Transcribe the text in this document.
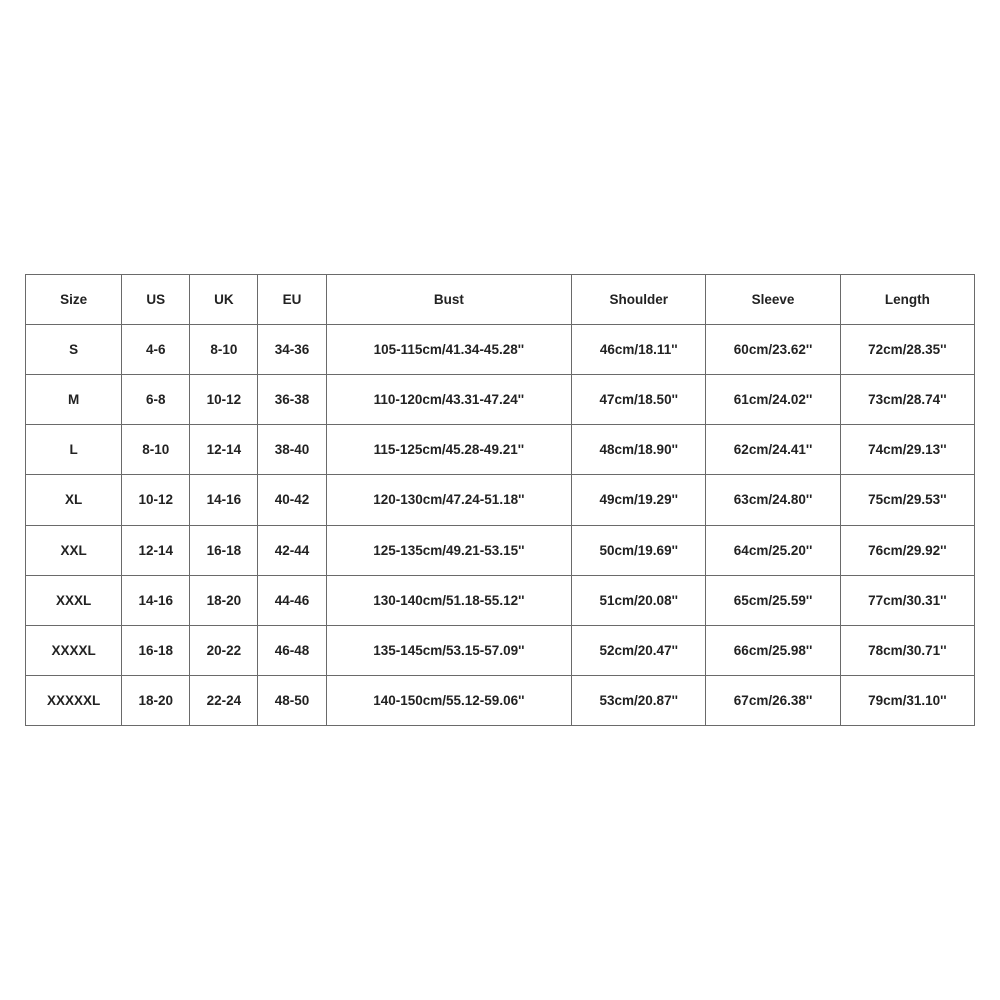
Size	US	UK	EU	Bust	Shoulder	Sleeve	Length
S	4-6	8-10	34-36	105-115cm/41.34-45.28''	46cm/18.11''	60cm/23.62''	72cm/28.35''
M	6-8	10-12	36-38	110-120cm/43.31-47.24''	47cm/18.50''	61cm/24.02''	73cm/28.74''
L	8-10	12-14	38-40	115-125cm/45.28-49.21''	48cm/18.90''	62cm/24.41''	74cm/29.13''
XL	10-12	14-16	40-42	120-130cm/47.24-51.18''	49cm/19.29''	63cm/24.80''	75cm/29.53''
XXL	12-14	16-18	42-44	125-135cm/49.21-53.15''	50cm/19.69''	64cm/25.20''	76cm/29.92''
XXXL	14-16	18-20	44-46	130-140cm/51.18-55.12''	51cm/20.08''	65cm/25.59''	77cm/30.31''
XXXXL	16-18	20-22	46-48	135-145cm/53.15-57.09''	52cm/20.47''	66cm/25.98''	78cm/30.71''
XXXXXL	18-20	22-24	48-50	140-150cm/55.12-59.06''	53cm/20.87''	67cm/26.38''	79cm/31.10''
